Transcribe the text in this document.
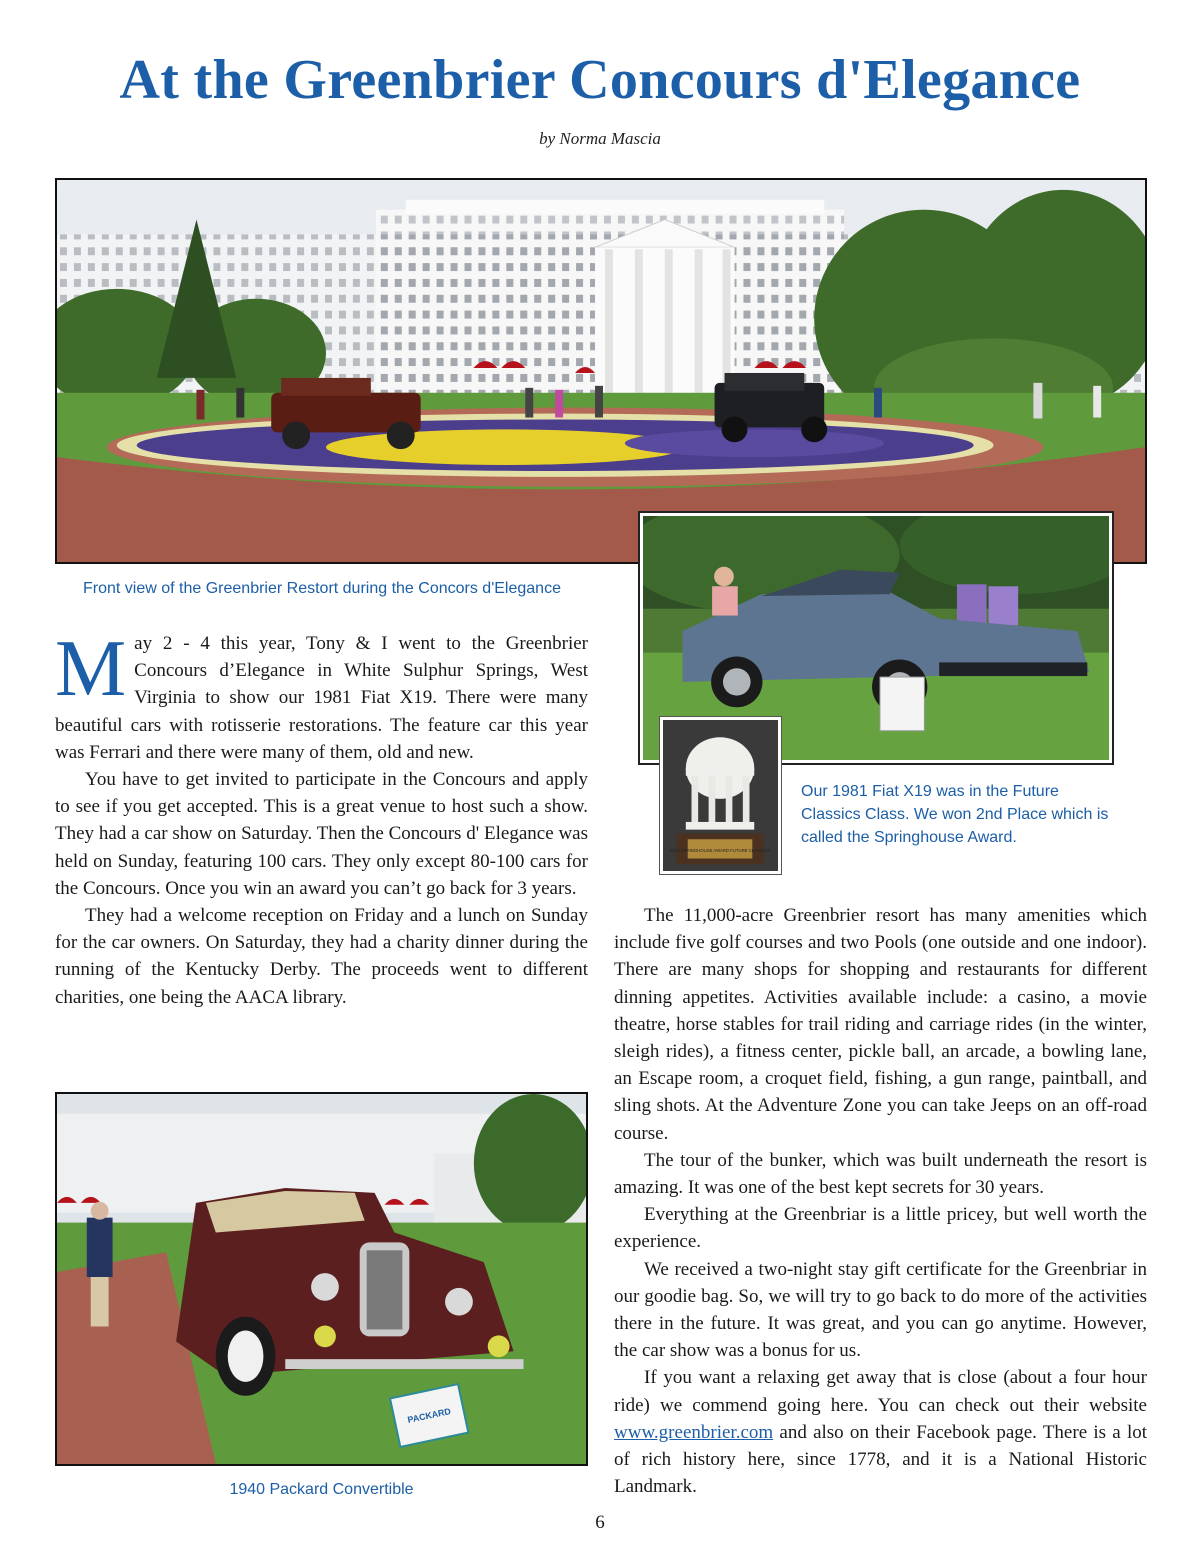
At the Greenbrier Concours d'Elegance
by Norma Mascia
Front view of the Greenbrier Restort during the Concors d'Elegance
2021 SPRINGHOUSE AWARD FUTURE CLASSICS
Our 1981 Fiat X19 was in the Future Classics Class. We won 2nd Place which is called the Springhouse Award.

May 2 - 4 this year, Tony & I went to the Greenbrier Concours d’Elegance in White Sulphur Springs, West Virginia to show our 1981 Fiat X19. There were many beautiful cars with rotisserie restorations. The feature car this year was Ferrari and there were many of them, old and new.

You have to get invited to participate in the Concours and apply to see if you get accepted. This is a great venue to host such a show. They had a car show on Saturday. Then the Concours d' Elegance was held on Sunday, featuring 100 cars. They only except 80-100 cars for the Concours. Once you win an award you can’t go back for 3 years.

They had a welcome reception on Friday and a lunch on Sunday for the car owners. On Saturday, they had a charity dinner during the running of the Kentucky Derby. The proceeds went to different charities, one being the AACA library.

PACKARD
1940 Packard Convertible

The 11,000-acre Greenbrier resort has many amenities which include five golf courses and two Pools (one outside and one indoor). There are many shops for shopping and restaurants for different dinning appetites. Activities available include: a casino, a movie theatre, horse stables for trail riding and carriage rides (in the winter, sleigh rides), a fitness center, pickle ball, an arcade, a bowling lane, an Escape room, a croquet field, fishing, a gun range, paintball, and sling shots. At the Adventure Zone you can take Jeeps on an off-road course.

The tour of the bunker, which was built underneath the resort is amazing. It was one of the best kept secrets for 30 years.

Everything at the Greenbriar is a little pricey, but well worth the experience.

We received a two-night stay gift certificate for the Greenbriar in our goodie bag. So, we will try to go back to do more of the activities there in the future. It was great, and you can go anytime. However, the car show was a bonus for us.

If you want a relaxing get away that is close (about a four hour ride) we commend going here. You can check out their website www.greenbrier.com and also on their Facebook page. There is a lot of rich history here, since 1778, and it is a National Historic Landmark.

6
